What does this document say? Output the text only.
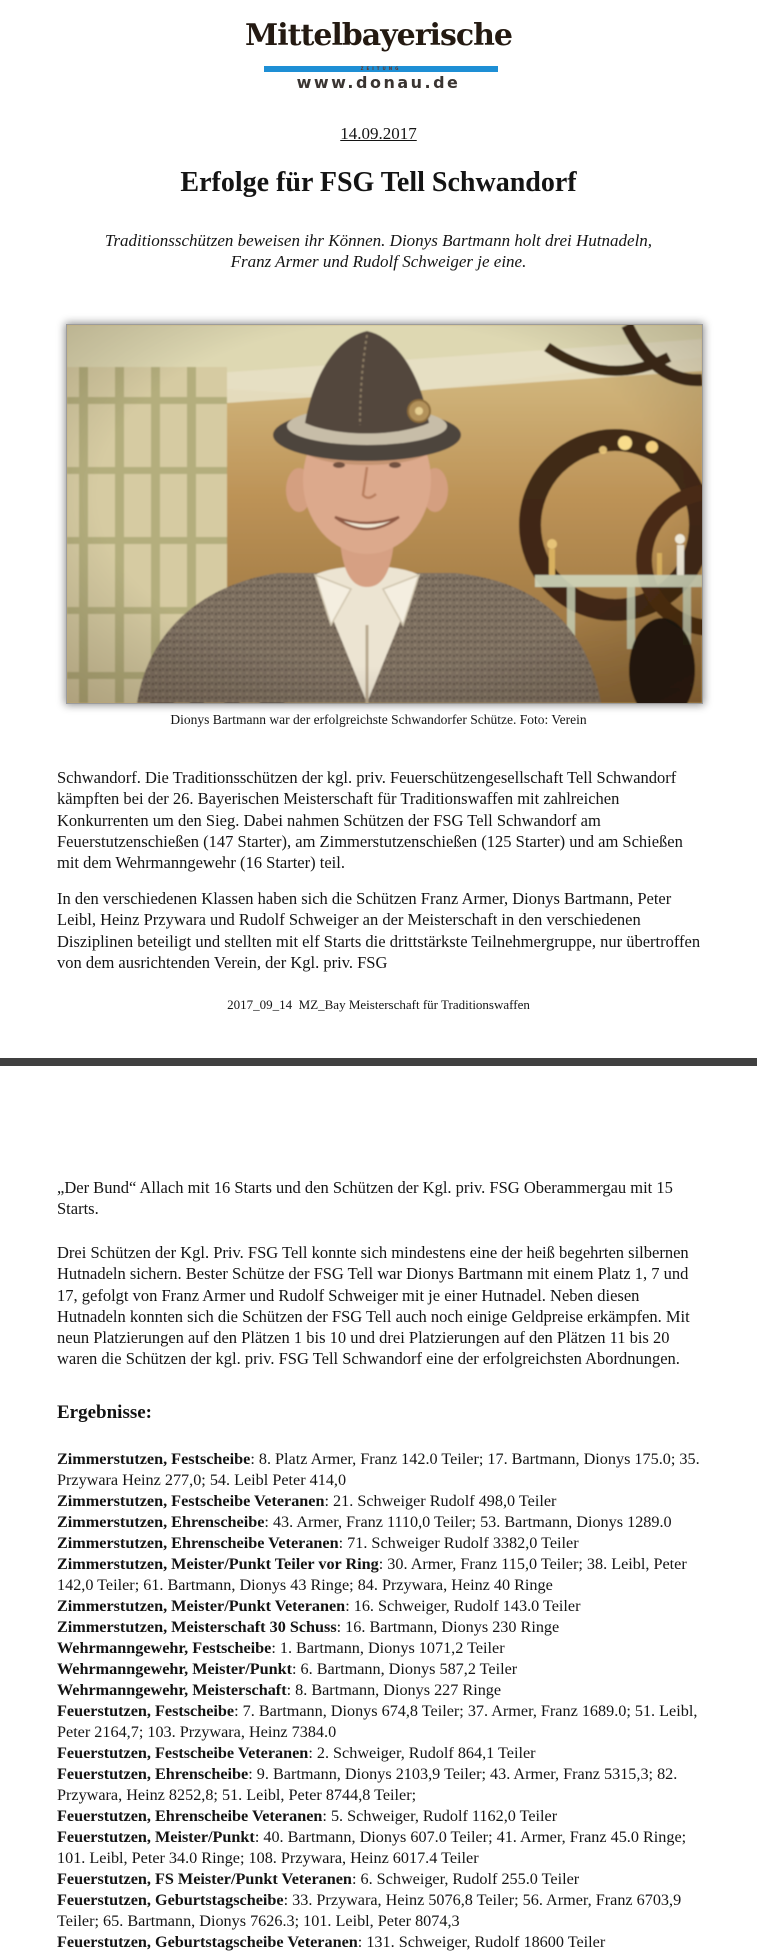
Mittelbayerische
ZEITUNG
www.donau.de
14.09.2017
Erfolge für FSG Tell Schwandorf
Traditionsschützen beweisen ihr Können. Dionys Bartmann holt drei Hutnadeln,
Franz Armer und Rudolf Schweiger je eine.
Dionys Bartmann war der erfolgreichste Schwandorfer Schütze. Foto: Verein

Schwandorf. Die Traditionsschützen der kgl. priv. Feuerschützengesellschaft Tell Schwandorf kämpften bei der 26. Bayerischen Meisterschaft für Traditionswaffen mit zahlreichen Konkurrenten um den Sieg. Dabei nahmen Schützen der FSG Tell Schwandorf am Feuerstutzenschießen (147 Starter), am Zimmerstutzenschießen (125 Starter) und am Schießen mit dem Wehrmanngewehr (16 Starter) teil.

In den verschiedenen Klassen haben sich die Schützen Franz Armer, Dionys Bartmann, Peter Leibl, Heinz Przywara und Rudolf Schweiger an der Meisterschaft in den verschiedenen Disziplinen beteiligt und stellten mit elf Starts die drittstärkste Teilnehmergruppe, nur übertroffen von dem ausrichtenden Verein, der Kgl. priv. FSG

2017_09_14  MZ_Bay Meisterschaft für Traditionswaffen

„Der Bund“ Allach mit 16 Starts und den Schützen der Kgl. priv. FSG Oberammergau mit 15 Starts.

Drei Schützen der Kgl. Priv. FSG Tell konnte sich mindestens eine der heiß begehrten silbernen Hutnadeln sichern. Bester Schütze der FSG Tell war Dionys Bartmann mit einem Platz 1, 7 und 17, gefolgt von Franz Armer und Rudolf Schweiger mit je einer Hutnadel. Neben diesen Hutnadeln konnten sich die Schützen der FSG Tell auch noch einige Geldpreise erkämpfen. Mit neun Platzierungen auf den Plätzen 1 bis 10 und drei Platzierungen auf den Plätzen 11 bis 20 waren die Schützen der kgl. priv. FSG Tell Schwandorf eine der erfolgreichsten Abordnungen.

Ergebnisse:

Zimmerstutzen, Festscheibe: 8. Platz Armer, Franz 142.0 Teiler; 17. Bartmann, Dionys 175.0; 35. Przywara Heinz 277,0; 54. Leibl Peter 414,0

Zimmerstutzen, Festscheibe Veteranen: 21. Schweiger Rudolf 498,0 Teiler

Zimmerstutzen, Ehrenscheibe: 43. Armer, Franz 1110,0 Teiler; 53. Bartmann, Dionys 1289.0

Zimmerstutzen, Ehrenscheibe Veteranen: 71. Schweiger Rudolf 3382,0 Teiler

Zimmerstutzen, Meister/Punkt Teiler vor Ring: 30. Armer, Franz 115,0 Teiler; 38. Leibl, Peter 142,0 Teiler; 61. Bartmann, Dionys 43 Ringe; 84. Przywara, Heinz 40 Ringe

Zimmerstutzen, Meister/Punkt Veteranen: 16. Schweiger, Rudolf 143.0 Teiler

Zimmerstutzen, Meisterschaft 30 Schuss: 16. Bartmann, Dionys 230 Ringe

Wehrmanngewehr, Festscheibe: 1. Bartmann, Dionys 1071,2 Teiler

Wehrmanngewehr, Meister/Punkt: 6. Bartmann, Dionys 587,2 Teiler

Wehrmanngewehr, Meisterschaft: 8. Bartmann, Dionys 227 Ringe

Feuerstutzen, Festscheibe: 7. Bartmann, Dionys 674,8 Teiler; 37. Armer, Franz 1689.0; 51. Leibl, Peter 2164,7; 103. Przywara, Heinz 7384.0

Feuerstutzen, Festscheibe Veteranen: 2. Schweiger, Rudolf 864,1 Teiler

Feuerstutzen, Ehrenscheibe: 9. Bartmann, Dionys 2103,9 Teiler; 43. Armer, Franz 5315,3; 82. Przywara, Heinz 8252,8; 51. Leibl, Peter 8744,8 Teiler;

Feuerstutzen, Ehrenscheibe Veteranen: 5. Schweiger, Rudolf 1162,0 Teiler

Feuerstutzen, Meister/Punkt: 40. Bartmann, Dionys 607.0 Teiler; 41. Armer, Franz 45.0 Ringe; 101. Leibl, Peter 34.0 Ringe; 108. Przywara, Heinz 6017.4 Teiler

Feuerstutzen, FS Meister/Punkt Veteranen: 6. Schweiger, Rudolf 255.0 Teiler

Feuerstutzen, Geburtstagscheibe: 33. Przywara, Heinz 5076,8 Teiler; 56. Armer, Franz 6703,9 Teiler; 65. Bartmann, Dionys 7626.3; 101. Leibl, Peter 8074,3

Feuerstutzen, Geburtstagscheibe Veteranen: 131. Schweiger, Rudolf 18600 Teiler
